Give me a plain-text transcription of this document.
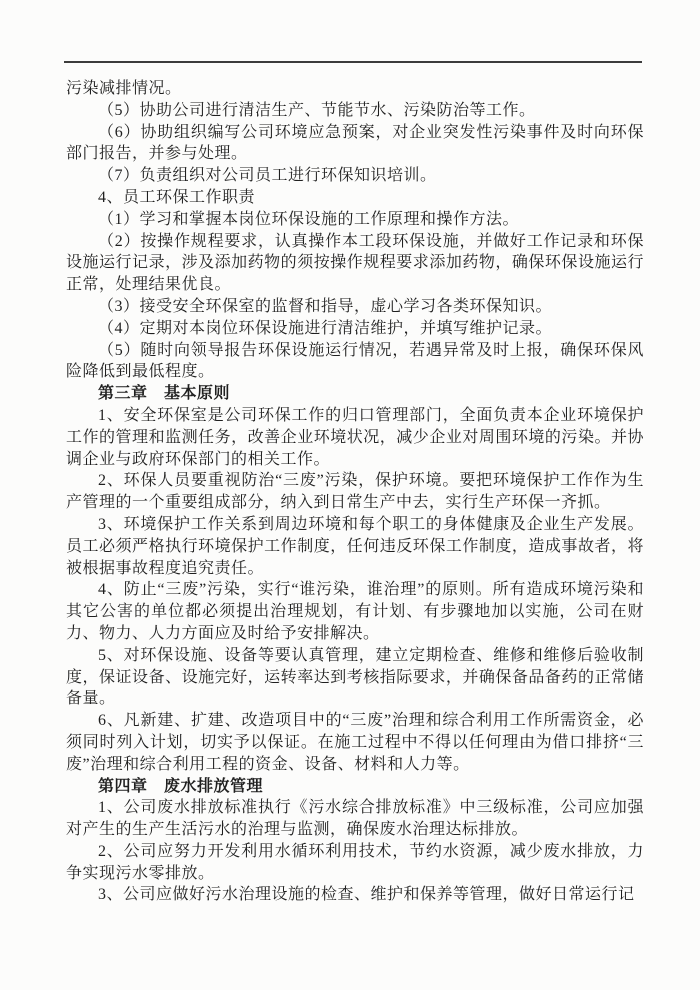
污染减排情况。

（5）协助公司进行清洁生产、节能节水、污染防治等工作。

（6）协助组织编写公司环境应急预案，对企业突发性污染事件及时向环保部门报告，并参与处理。

（7）负责组织对公司员工进行环保知识培训。

4、员工环保工作职责

（1）学习和掌握本岗位环保设施的工作原理和操作方法。

（2）按操作规程要求，认真操作本工段环保设施，并做好工作记录和环保设施运行记录，涉及添加药物的须按操作规程要求添加药物，确保环保设施运行正常，处理结果优良。

（3）接受安全环保室的监督和指导，虚心学习各类环保知识。

（4）定期对本岗位环保设施进行清洁维护，并填写维护记录。

（5）随时向领导报告环保设施运行情况，若遇异常及时上报，确保环保风险降低到最低程度。

第三章　基本原则

1、安全环保室是公司环保工作的归口管理部门，全面负责本企业环境保护工作的管理和监测任务，改善企业环境状况，减少企业对周围环境的污染。并协调企业与政府环保部门的相关工作。

2、环保人员要重视防治“三废”污染，保护环境。要把环境保护工作作为生产管理的一个重要组成部分，纳入到日常生产中去，实行生产环保一齐抓。

3、环境保护工作关系到周边环境和每个职工的身体健康及企业生产发展。员工必须严格执行环境保护工作制度，任何违反环保工作制度，造成事故者，将被根据事故程度追究责任。

4、防止“三废”污染，实行“谁污染，谁治理”的原则。所有造成环境污染和其它公害的单位都必须提出治理规划，有计划、有步骤地加以实施，公司在财力、物力、人力方面应及时给予安排解决。

5、对环保设施、设备等要认真管理，建立定期检查、维修和维修后验收制度，保证设备、设施完好，运转率达到考核指际要求，并确保备品备药的正常储备量。

6、凡新建、扩建、改造项目中的“三废”治理和综合利用工作所需资金，必须同时列入计划，切实予以保证。在施工过程中不得以任何理由为借口排挤“三废”治理和综合利用工程的资金、设备、材料和人力等。

第四章　废水排放管理

1、公司废水排放标准执行《污水综合排放标准》中三级标准，公司应加强对产生的生产生活污水的治理与监测，确保废水治理达标排放。

2、公司应努力开发利用水循环利用技术，节约水资源，减少废水排放，力争实现污水零排放。

3、公司应做好污水治理设施的检查、维护和保养等管理，做好日常运行记
